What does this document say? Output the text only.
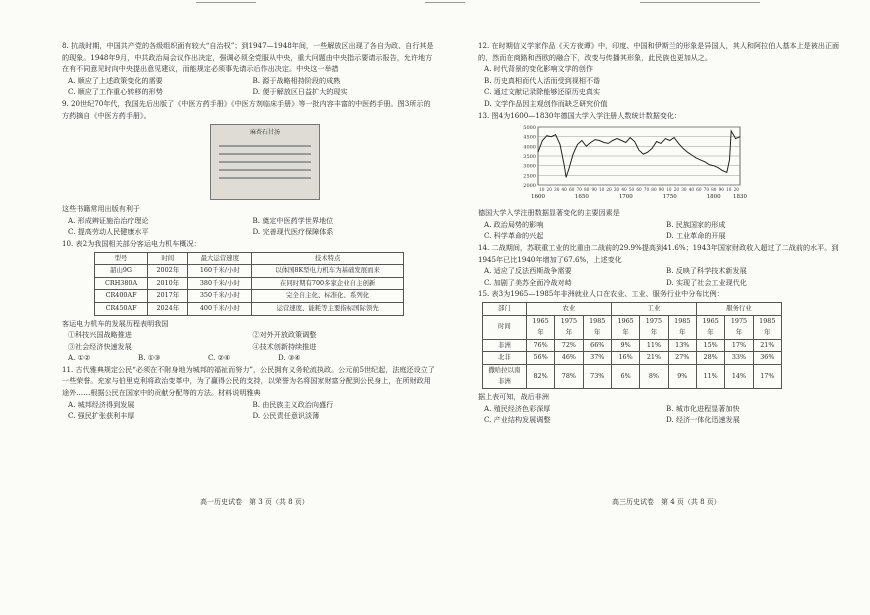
8. 抗战时期，中国共产党的各级组织面有较大“自治权”；到1947—1948年间，一些解放区出现了各自为政、自行其是的现象。1948年9月，中共政治局会议作出决定，强调必须全党服从中央，重大问题由中央指示要请示报告，允许地方在有不同意见时向中央提出意见建议，而能规定必须事先请示后作出决定。中央这一举措

A. 顺应了上述政策变化的需要	B. 源于战略相持阶段的成熟
C. 顺应了工作重心转移的形势	D. 便于解放区日益扩大的现实

9. 20世纪70年代，我国先后出版了《中医方药手册》《中医方剂临床手册》等一批内容丰富的中医药手册。图3所示的方药摘自《中医方药手册》。

麻杏石甘汤

这些书籍常用出版有利于

A. 形成辨证施治治疗理论	B. 奠定中医药学世界地位
C. 提高劳动人民健康水平	D. 完善现代医疗保障体系

10. 表2为我国相关部分客运电力机车概况：

型号	时间	最大运营速度	技术特点
韶山9G	2002年	160千米/小时	以体国8K型电力机车为基础发展而来
CRH380A	2010年	380千米/小时	在同时期有700多家企业自主创新
CR400AF	2017年	350千米/小时	完全自主化、标准化、系列化
CR450AF	2024年	400千米/小时	运营速度、能耗等主要指标国际领先

客运电力机车的发展历程表明我国

①科技兴国战略推进	②对外开放政策调整
③社会经济快速发展	④技术创新持续推进
A. ①②	B. ①③	C. ②④	D. ③④

11. 古代雅典规定公民“必须在不附身地为城邦的福祉而努力”，公民拥有义务轮流执政。公元前5世纪起，法庭还设立了一些荣誉。充家与伯里克利将政治变革中，为了赢得公民的支持，以荣誉为名将国家财富分配到公民身上，在所财政用途外……根据公民在国家中的贡献分配等的方法。材料说明雅典

A. 城邦经济得到发展	B. 由民族主义政治向盛行
C. 强民扩张获利丰厚	D. 公民责任意识淡薄
高一历史试卷　第 3 页（共 8 页）

12. 在时期信义学家作品《天方夜谭》中，印度、中国和伊斯兰的形象是异国人，其人和阿拉伯人基本上是被出正面的，然而在商路和西欧的融合下，改变与传播其形象，此民族也更加从之。

A. 时代背景的变化影响文学的创作
B. 历史真相而代人活而受到视相不谐
C. 通过文献记录除能够还原历史真实
D. 文学作品因主观创作而缺乏研究价值

13. 图4为1600—1830年德国大学入学注册人数统计数据变化：

2000
2500
3000
3500
4000
4500
5000
10 20 30 40 60 70 80 90 10 20 30 40 50 60 70 80 90 10 20 30 40 60 70 80 90 10 20
1600	1650	1700	1750	1800 1830

德国大学入学注册数据显著变化的主要因素是

A. 政治局势的影响	B. 民族国家的形成
C. 科学革命的兴起	D. 工业革命的开展

14. 二战期间，苏联重工业的比重由二战前的29.9%提高到41.6%；1943年国家财政收入超过了二战前的水平。到1945年已比1940年增加了67.6%，上述变化

A. 适应了反法西斯战争需要	B. 反映了科学技术新发展
C. 加剧了美苏全面冷战对峙	D. 实现了社会工业现代化

15. 表3为1965—1985年非洲就业人口在农业、工业、服务行业中分布比例：

部门	农业			工业			服务行业		
时间	1965年	1975年	1985年	1965年	1975年	1985年	1965年	1975年	1985年
非洲	76%	72%	66%	9%	11%	13%	15%	17%	21%
北非	56%	46%	37%	16%	21%	27%	28%	33%	36%
撒哈拉以南非洲	82%	78%	73%	6%	8%	9%	11%	14%	17%

据上表可知，战后非洲

A. 殖民经济色彩深厚	B. 城市化进程显著加快
C. 产业结构发展调整	D. 经济一体化迅速发展
高三历史试卷　第 4 页（共 8 页）
